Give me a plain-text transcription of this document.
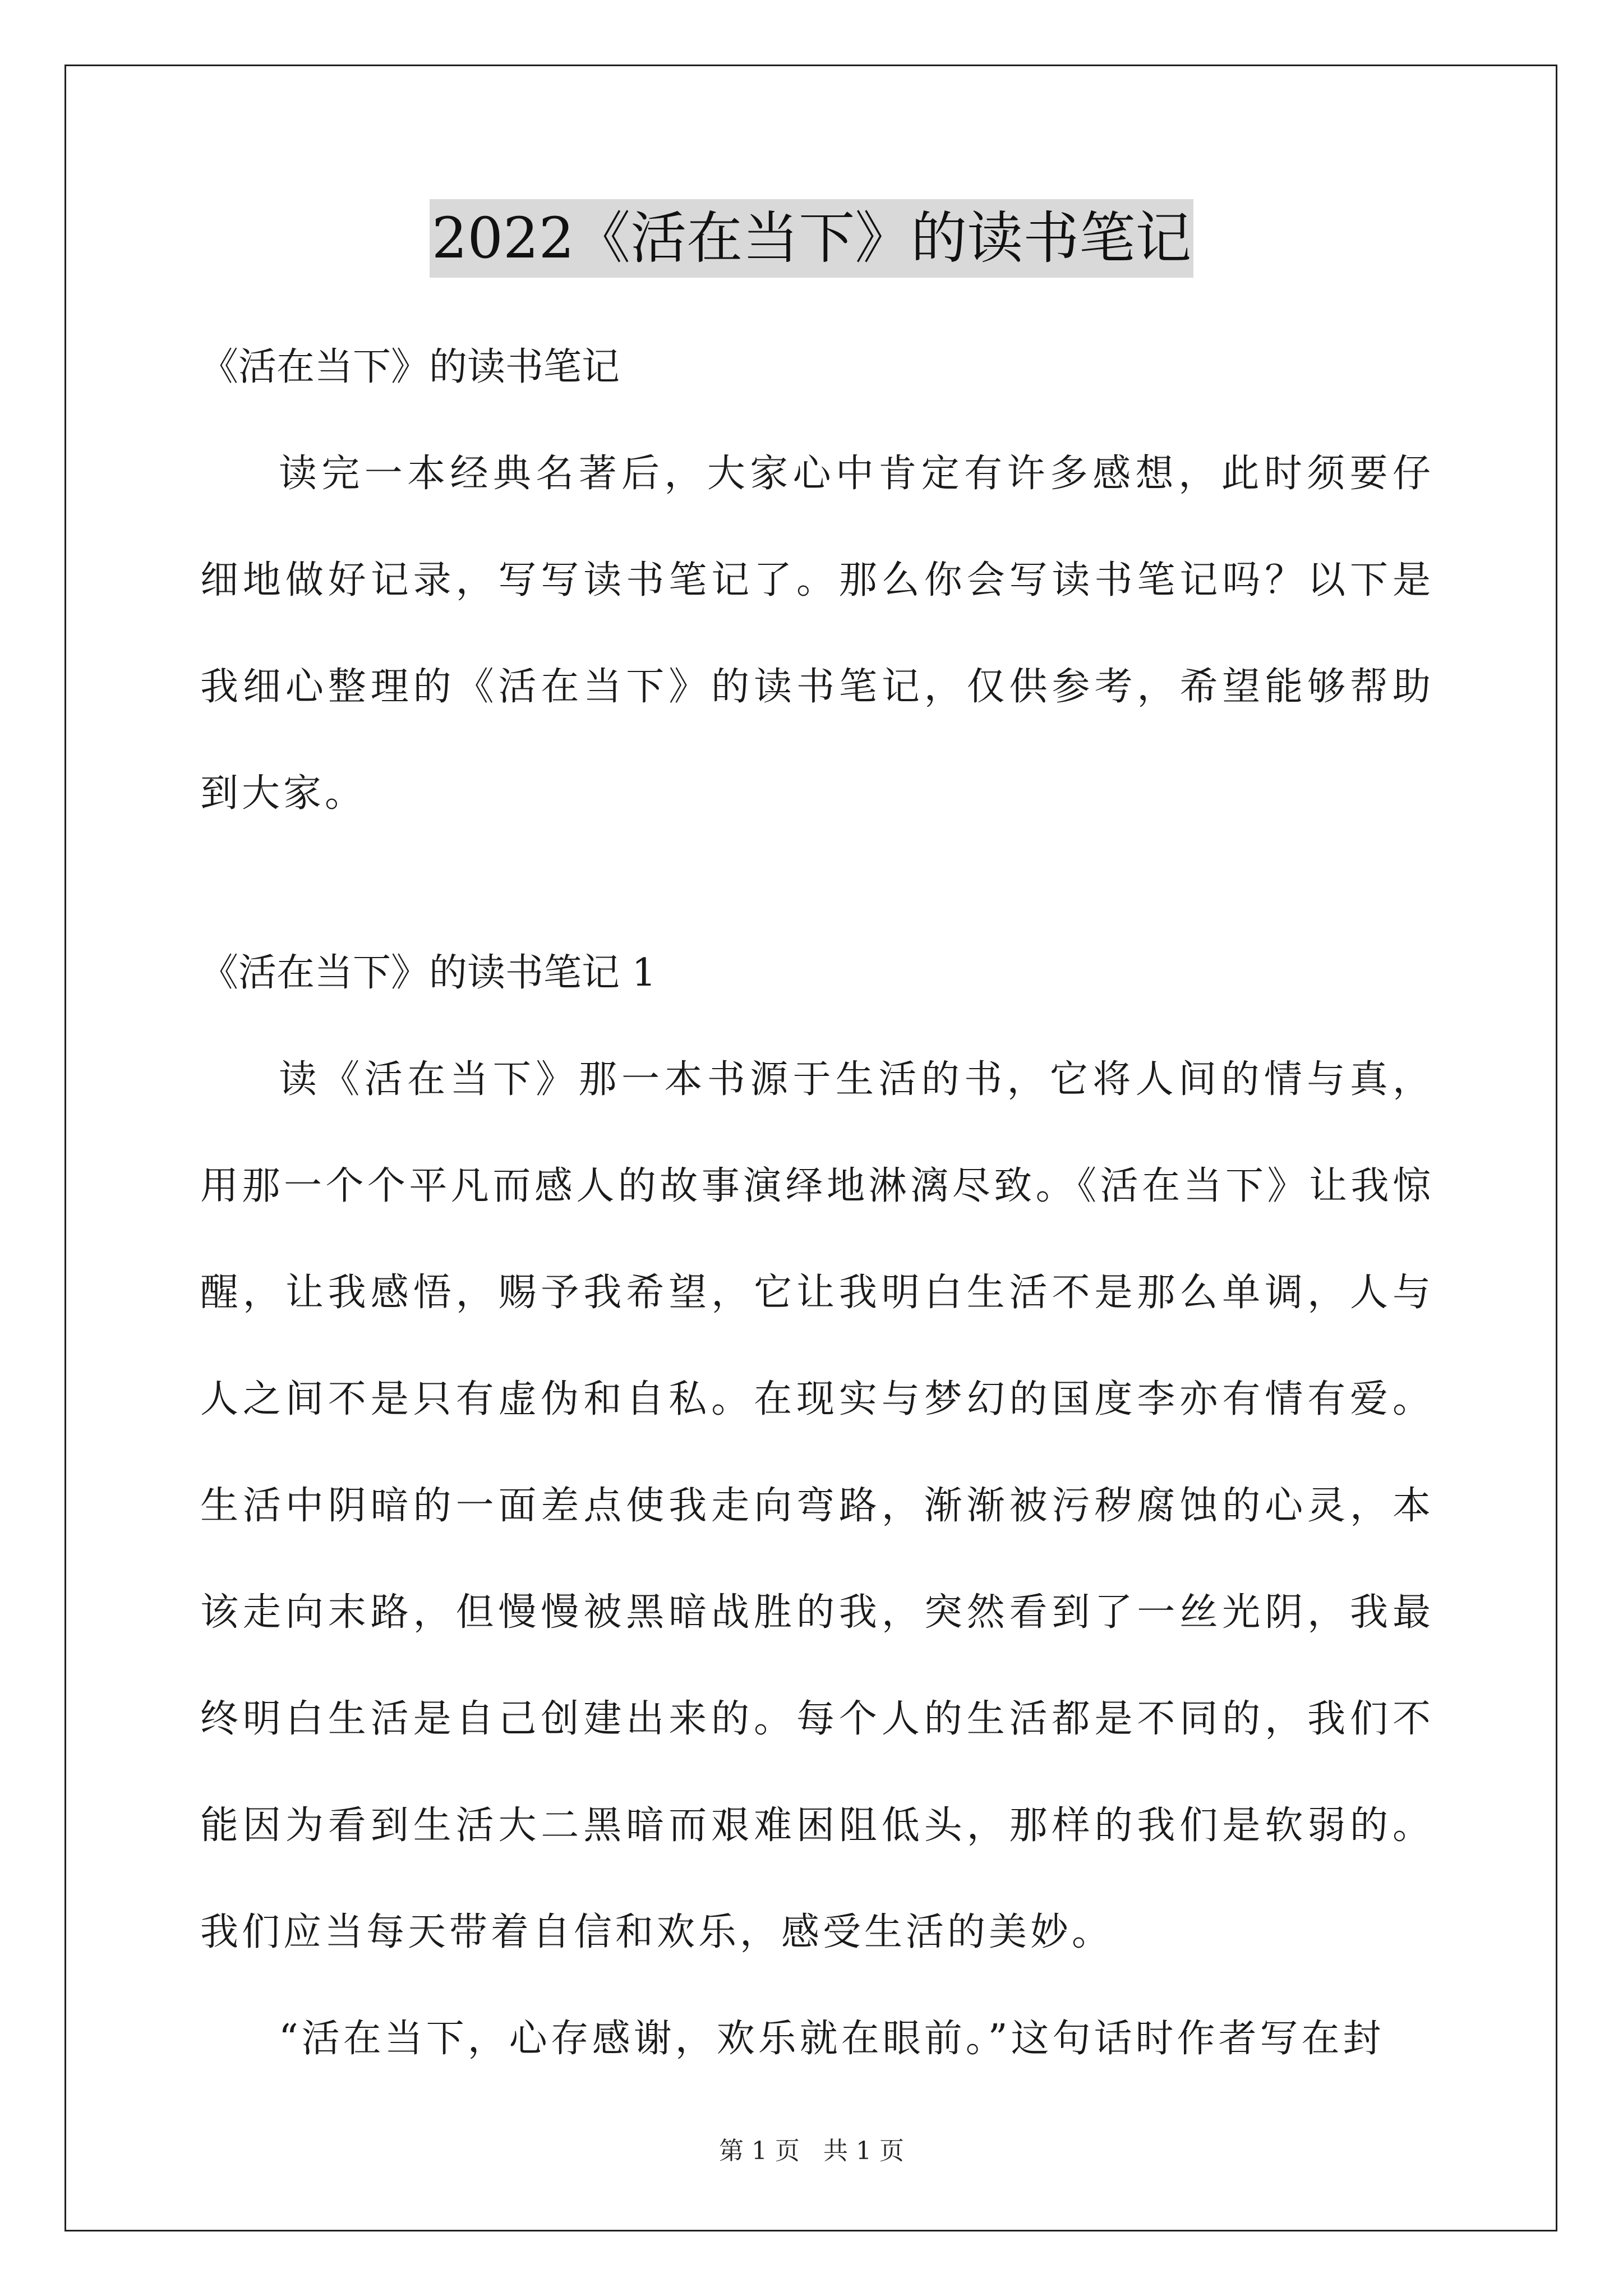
2022《活在当下》的读书笔记

《活在当下》的读书笔记

读完一本经典名著后，大家心中肯定有许多感想，此时须要仔细地做好记录，写写读书笔记了。那么你会写读书笔记吗？以下是我细心整理的《活在当下》的读书笔记，仅供参考，希望能够帮助到大家。

《活在当下》的读书笔记 1

读《活在当下》那一本书源于生活的书，它将人间的情与真，用那一个个平凡而感人的故事演绎地淋漓尽致。《活在当下》让我惊醒，让我感悟，赐予我希望，它让我明白生活不是那么单调，人与人之间不是只有虚伪和自私。在现实与梦幻的国度李亦有情有爱。生活中阴暗的一面差点使我走向弯路，渐渐被污秽腐蚀的心灵，本该走向末路，但慢慢被黑暗战胜的我，突然看到了一丝光阴，我最终明白生活是自己创建出来的。每个人的生活都是不同的，我们不能因为看到生活大二黑暗而艰难困阻低头，那样的我们是软弱的。我们应当每天带着自信和欢乐，感受生活的美妙。

“活在当下，心存感谢，欢乐就在眼前。”这句话时作者写在封

第 1 页   共 1 页
